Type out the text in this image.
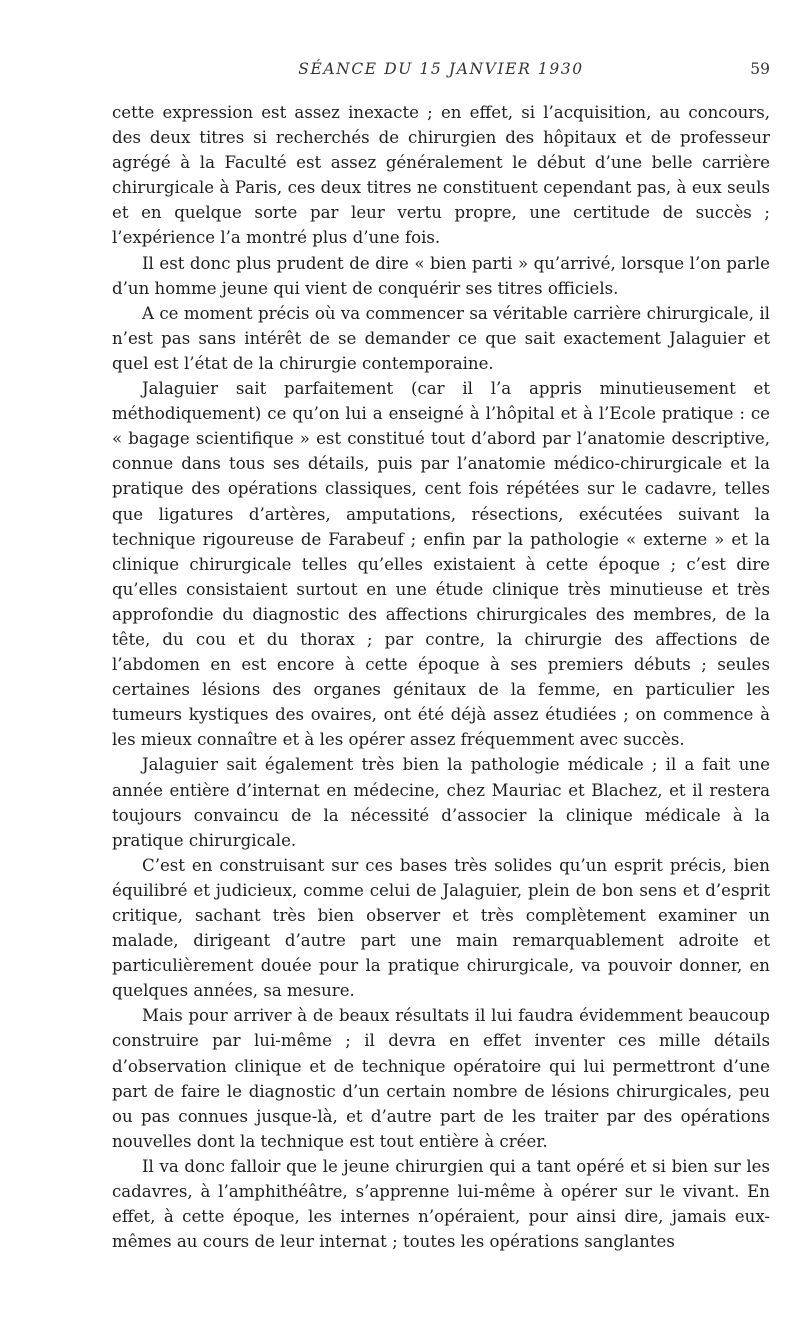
SÉANCE DU 15 JANVIER 1930	59

cette expression est assez inexacte ; en effet, si l’acquisition, au concours, des deux titres si recherchés de chirurgien des hôpitaux et de professeur agrégé à la Faculté est assez généralement le début d’une belle carrière chirurgicale à Paris, ces deux titres ne constituent cependant pas, à eux seuls et en quelque sorte par leur vertu propre, une certitude de succès ; l’expérience l’a montré plus d’une fois.

Il est donc plus prudent de dire « bien parti » qu’arrivé, lorsque l’on parle d’un homme jeune qui vient de conquérir ses titres officiels.

A ce moment précis où va commencer sa véritable carrière chirurgicale, il n’est pas sans intérêt de se demander ce que sait exactement Jalaguier et quel est l’état de la chirurgie contemporaine.

Jalaguier sait parfaitement (car il l’a appris minutieusement et méthodiquement) ce qu’on lui a enseigné à l’hôpital et à l’Ecole pratique : ce « bagage scientifique » est constitué tout d’abord par l’anatomie descriptive, connue dans tous ses détails, puis par l’anatomie médico-chirurgicale et la pratique des opérations classiques, cent fois répétées sur le cadavre, telles que ligatures d’artères, amputations, résections, exécutées suivant la technique rigoureuse de Farabeuf ; enfin par la pathologie « externe » et la clinique chirurgicale telles qu’elles existaient à cette époque ; c’est dire qu’elles consistaient surtout en une étude clinique très minutieuse et très approfondie du diagnostic des affections chirurgicales des membres, de la tête, du cou et du thorax ; par contre, la chirurgie des affections de l’abdomen en est encore à cette époque à ses premiers débuts ; seules certaines lésions des organes génitaux de la femme, en particulier les tumeurs kystiques des ovaires, ont été déjà assez étudiées ; on commence à les mieux connaître et à les opérer assez fréquemment avec succès.

Jalaguier sait également très bien la pathologie médicale ; il a fait une année entière d’internat en médecine, chez Mauriac et Blachez, et il restera toujours convaincu de la nécessité d’associer la clinique médicale à la pratique chirurgicale.

C’est en construisant sur ces bases très solides qu’un esprit précis, bien équilibré et judicieux, comme celui de Jalaguier, plein de bon sens et d’esprit critique, sachant très bien observer et très complètement examiner un malade, dirigeant d’autre part une main remarquablement adroite et particulièrement douée pour la pratique chirurgicale, va pouvoir donner, en quelques années, sa mesure.

Mais pour arriver à de beaux résultats il lui faudra évidemment beaucoup construire par lui-même ; il devra en effet inventer ces mille détails d’observation clinique et de technique opératoire qui lui permettront d’une part de faire le diagnostic d’un certain nombre de lésions chirurgicales, peu ou pas connues jusque-là, et d’autre part de les traiter par des opérations nouvelles dont la technique est tout entière à créer.

Il va donc falloir que le jeune chirurgien qui a tant opéré et si bien sur les cadavres, à l’amphithéâtre, s’apprenne lui-même à opérer sur le vivant. En effet, à cette époque, les internes n’opéraient, pour ainsi dire, jamais eux-mêmes au cours de leur internat ; toutes les opérations sanglantes
